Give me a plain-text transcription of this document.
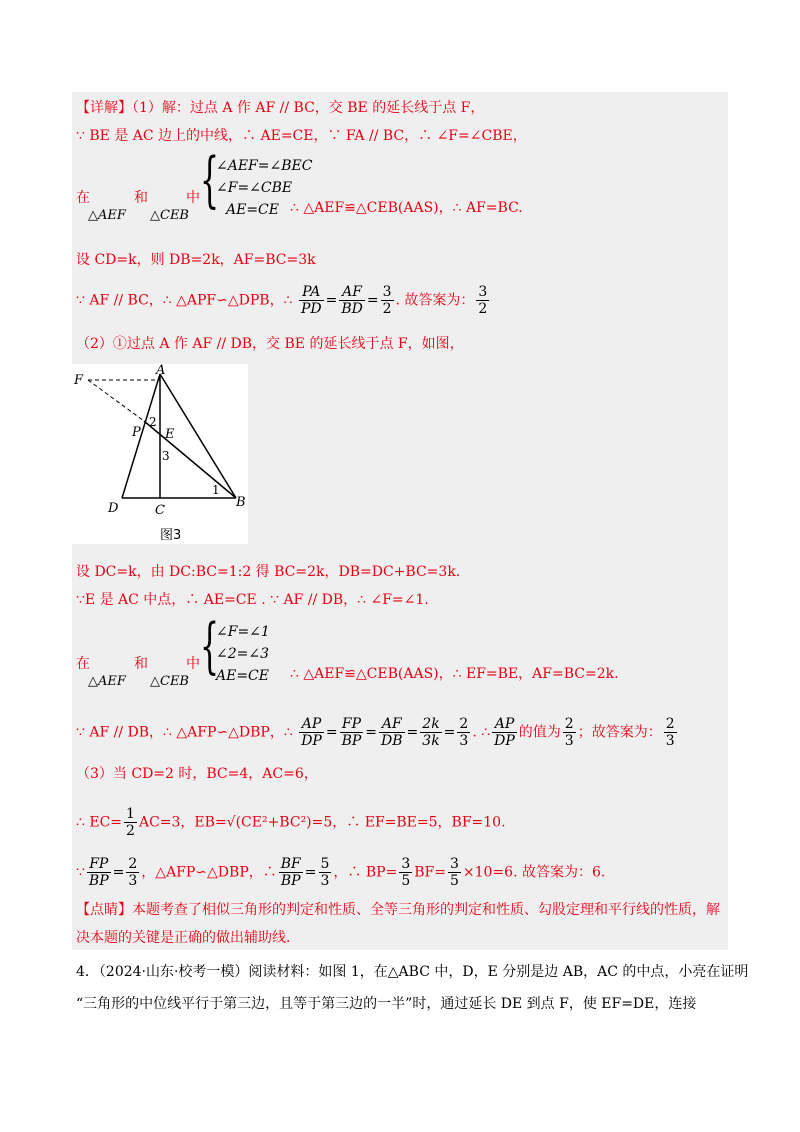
【详解】（1）解：过点 A 作 AF // BC，交 BE 的延长线于点 F，
∵ BE 是 AC 边上的中线，∴ AE=CE，∵ FA // BC，∴ ∠F=∠CBE，
在	和	中
△AEF △CEB
{
∠AEF=∠BEC
∠F=∠CBE
AE=CE ∴ △AEF≌△CEB(AAS)，∴ AF=BC.
设 CD=k，则 DB=2k，AF=BC=3k
∵ AF // BC，∴ △APF∽△DPB，∴ $\frac{PA}{PD} = \frac{AF}{BD} = \frac{3}{2}$ . 故答案为： $\frac{3}{2}$
（2）①过点 A 作 AF // DB，交 BE 的延长线于点 F，如图，
F
A
2
P E
3
1
D	C
B
图3
设 DC=k，由 DC:BC=1:2 得 BC=2k，DB=DC+BC=3k.
∵E 是 AC 中点，∴ AE=CE . ∵ AF // DB，∴ ∠F=∠1.
在	和	中
△AEF △CEB
{
∠F=∠1
∠2=∠3
AE=CE ∴ △AEF≌△CEB(AAS)，∴ EF=BE，AF=BC=2k.
∵ AF // DB，∴ △AFP∽△DBP，∴ $\frac{AP}{DP} = \frac{FP}{BP} = \frac{AF}{DB} = \frac{2k}{3k} = \frac{2}{3}$ . ∴ $\frac{AP}{DP}$ 的值为 $\frac{2}{3}$ ；故答案为： $\frac{2}{3}$
（3）当 CD=2 时，BC=4，AC=6，
∴ $EC= \frac{1}{2} AC=3$，EB=√(CE²+BC²)=5，∴ EF=BE=5，BF=10.
∵ $\frac{FP}{BP} = \frac{2}{3}$ ，△AFP∽△DBP，∴ $\frac{BF}{BP} = \frac{5}{3}$ ，∴ $BP= \frac{3}{5} BF= \frac{3}{5} \times 10=6$. 故答案为：6.
【点睛】本题考查了相似三角形的判定和性质、全等三角形的判定和性质、勾股定理和平行线的性质，解
决本题的关键是正确的做出辅助线.
4．（2024·山东·校考一模）阅读材料：如图 1，在△ABC 中，D，E 分别是边 AB，AC 的中点，小亮在证明
“三角形的中位线平行于第三边，且等于第三边的一半”时，通过延长 DE 到点 F，使 EF=DE，连接
